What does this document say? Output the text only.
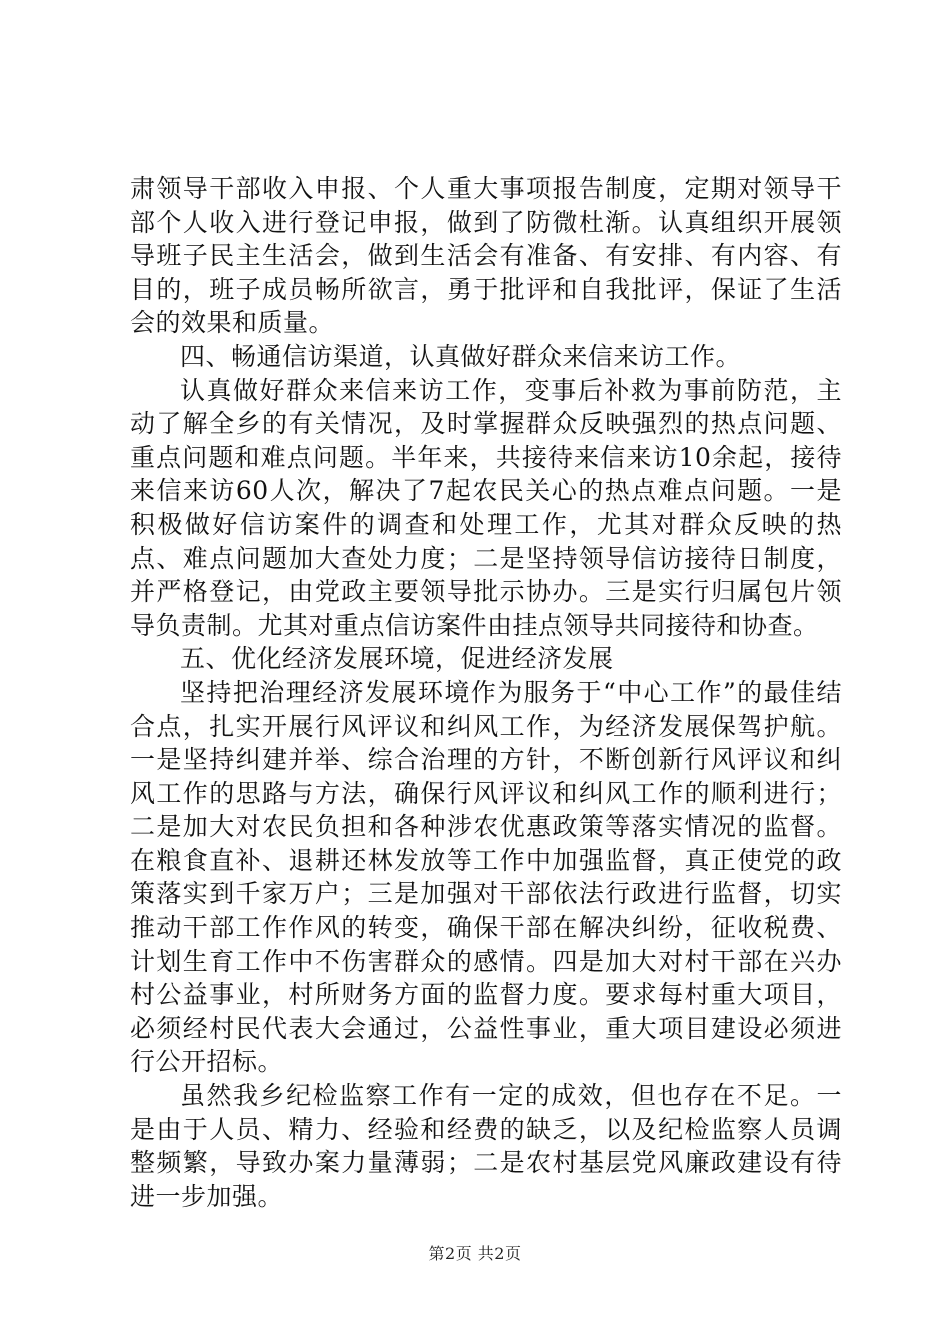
肃领导干部收入申报、个人重大事项报告制度，定期对领导干部个人收入进行登记申报，做到了防微杜渐。认真组织开展领导班子民主生活会，做到生活会有准备、有安排、有内容、有目的，班子成员畅所欲言，勇于批评和自我批评，保证了生活会的效果和质量。

四、畅通信访渠道，认真做好群众来信来访工作。

认真做好群众来信来访工作，变事后补救为事前防范，主动了解全乡的有关情况，及时掌握群众反映强烈的热点问题、重点问题和难点问题。半年来，共接待来信来访10余起，接待来信来访60人次，解决了7起农民关心的热点难点问题。一是积极做好信访案件的调查和处理工作，尤其对群众反映的热点、难点问题加大查处力度；二是坚持领导信访接待日制度，并严格登记，由党政主要领导批示协办。三是实行归属包片领导负责制。尤其对重点信访案件由挂点领导共同接待和协查。

五、优化经济发展环境，促进经济发展

坚持把治理经济发展环境作为服务于“中心工作”的最佳结合点，扎实开展行风评议和纠风工作，为经济发展保驾护航。一是坚持纠建并举、综合治理的方针，不断创新行风评议和纠风工作的思路与方法，确保行风评议和纠风工作的顺利进行；二是加大对农民负担和各种涉农优惠政策等落实情况的监督。在粮食直补、退耕还林发放等工作中加强监督，真正使党的政策落实到千家万户；三是加强对干部依法行政进行监督，切实推动干部工作作风的转变，确保干部在解决纠纷，征收税费、计划生育工作中不伤害群众的感情。四是加大对村干部在兴办村公益事业，村所财务方面的监督力度。要求每村重大项目，必须经村民代表大会通过，公益性事业，重大项目建设必须进行公开招标。

虽然我乡纪检监察工作有一定的成效，但也存在不足。一是由于人员、精力、经验和经费的缺乏，以及纪检监察人员调整频繁，导致办案力量薄弱；二是农村基层党风廉政建设有待进一步加强。

第2页 共2页
